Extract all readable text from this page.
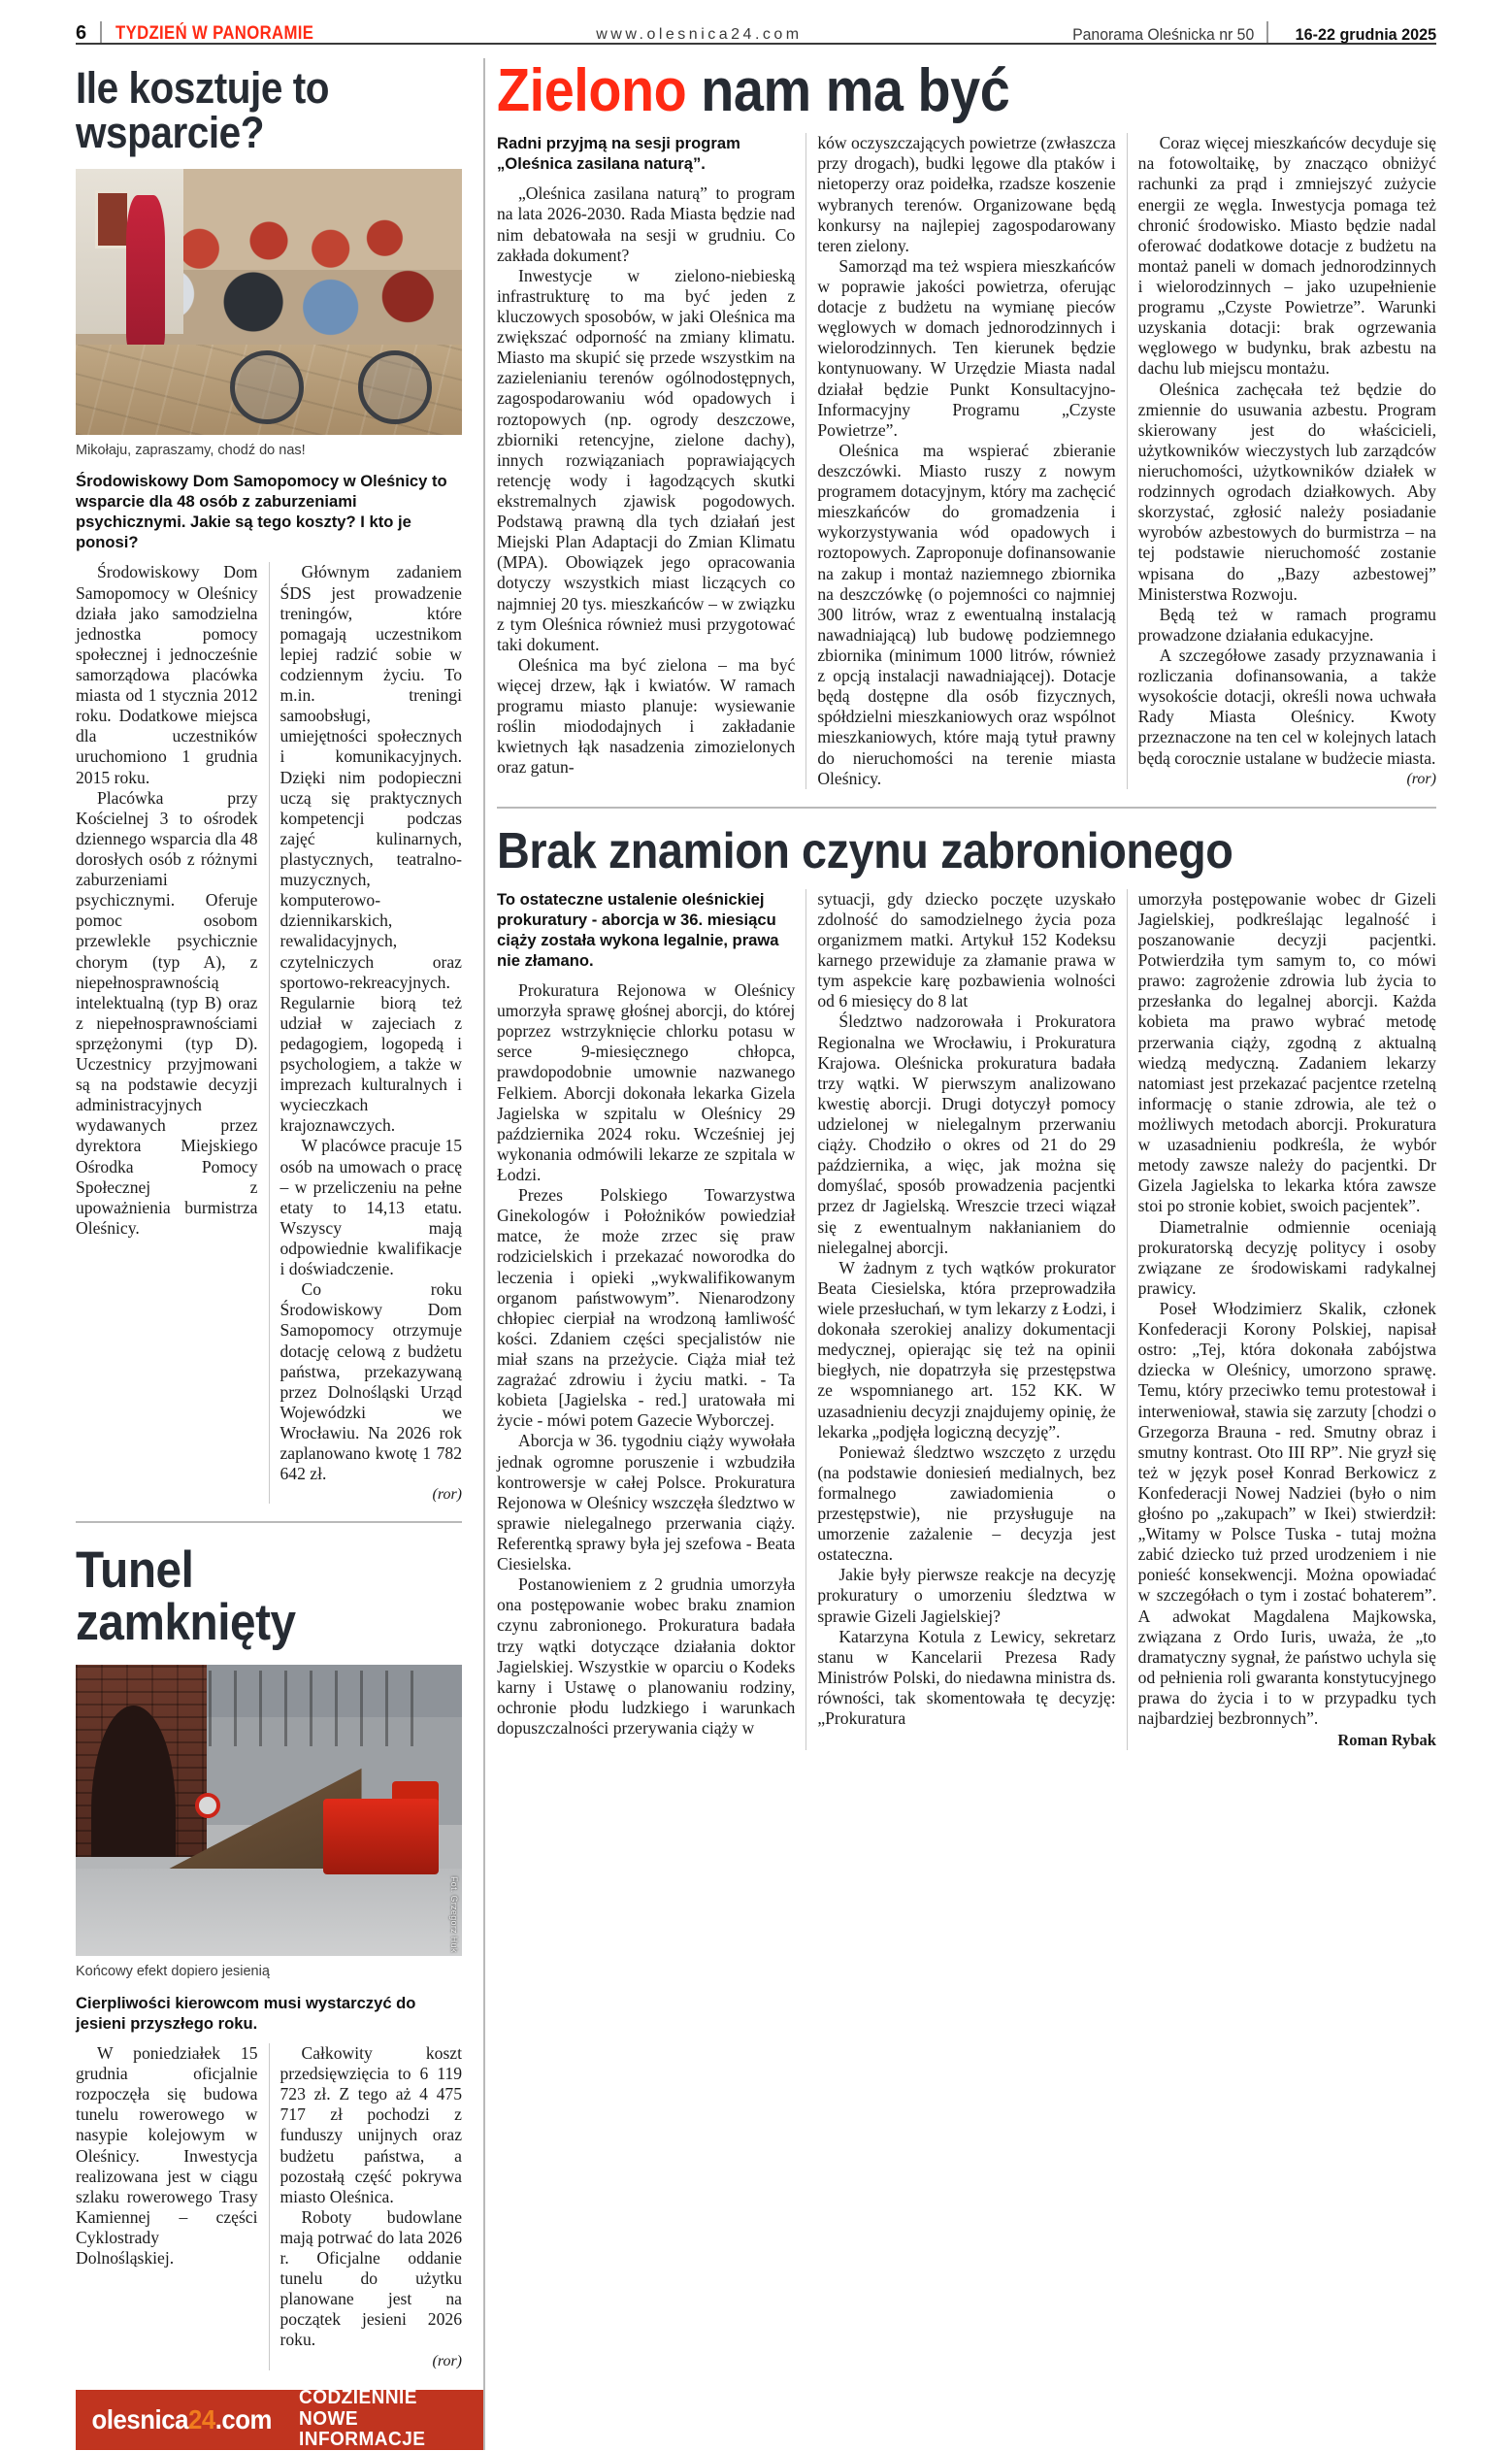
6	TYDZIEŃ W PANORAMIE	www.olesnica24.com	Panorama Oleśnicka nr 50	16-22 grudnia 2025
Ile kosztuje to wsparcie?
Mikołaju, zapraszamy, chodź do nas!

Środowiskowy Dom Samopomocy w Oleśnicy to wsparcie dla 48 osób z zaburzeniami psychicznymi. Jakie są tego koszty? I kto je ponosi?

Środowiskowy Dom Samopomocy w Oleśnicy działa jako samodzielna jednostka pomocy społecznej i jednocześnie samorządowa placówka miasta od 1 stycznia 2012 roku. Dodatkowe miejsca dla uczestników uruchomiono 1 grudnia 2015 roku.

Placówka przy Kościelnej 3 to ośrodek dziennego wsparcia dla 48 dorosłych osób z różnymi zaburzeniami psychicznymi. Oferuje pomoc osobom przewlekle psychicznie chorym (typ A), z niepełnosprawnością intelektualną (typ B) oraz z niepełnosprawnościami sprzężonymi (typ D). Uczestnicy przyjmowani są na podstawie decyzji administracyjnych wydawanych przez dyrektora Miejskiego Ośrodka Pomocy Społecznej z upoważnienia burmistrza Oleśnicy.

Głównym zadaniem ŚDS jest prowadzenie treningów, które pomagają uczestnikom lepiej radzić sobie w codziennym życiu. To m.in. treningi samoobsługi, umiejętności społecznych i komunikacyjnych. Dzięki nim podopieczni uczą się praktycznych kompetencji podczas zajęć kulinarnych, plastycznych, teatralno-muzycznych, komputerowo-dziennikarskich, rewalidacyjnych, czytelniczych oraz sportowo-rekreacyjnych. Regularnie biorą też udział w zajeciach z pedagogiem, logopedą i psychologiem, a także w imprezach kulturalnych i wycieczkach krajoznawczych.

W placówce pracuje 15 osób na umowach o pracę – w przeliczeniu na pełne etaty to 14,13 etatu. Wszyscy mają odpowiednie kwalifikacje i doświadczenie.

Co roku Środowiskowy Dom Samopomocy otrzymuje dotację celową z budżetu państwa, przekazywaną przez Dolnośląski Urząd Wojewódzki we Wrocławiu. Na 2026 rok zaplanowano kwotę 1 782 642 zł.

(ror)
Tunel zamknięty
Fot. Grzegorz Huk
Końcowy efekt dopiero jesienią

Cierpliwości kierowcom musi wystarczyć do jesieni przyszłego roku.

W poniedziałek 15 grudnia oficjalnie rozpoczęła się budowa tunelu rowerowego w nasypie kolejowym w Oleśnicy. Inwestycja realizowana jest w ciągu szlaku rowerowego Trasy Kamiennej – części Cyklostrady Dolnośląskiej.

Całkowity koszt przedsięwzięcia to 6 119 723 zł. Z tego aż 4 475 717 zł pochodzi z funduszy unijnych oraz budżetu państwa, a pozostałą część pokrywa miasto Oleśnica.

Roboty budowlane mają potrwać do lata 2026 r. Oficjalne oddanie tunelu do użytku planowane jest na początek jesieni 2026 roku.

(ror)
olesnica24.com
CODZIENNIE
NOWE INFORMACJE
Zielono nam ma być

Radni przyjmą na sesji program „Oleśnica zasilana naturą”.

„Oleśnica zasilana naturą” to program na lata 2026-2030. Rada Miasta będzie nad nim debatowała na sesji w grudniu. Co zakłada dokument?

Inwestycje w zielono-niebieską infrastrukturę to ma być jeden z kluczowych sposobów, w jaki Oleśnica ma zwiększać odporność na zmiany klimatu. Miasto ma skupić się przede wszystkim na zazielenianiu terenów ogólnodostępnych, zagospodarowaniu wód opadowych i roztopowych (np. ogrody deszczowe, zbiorniki retencyjne, zielone dachy), innych rozwiązaniach poprawiających retencję wody i łagodzących skutki ekstremalnych zjawisk pogodowych. Podstawą prawną dla tych działań jest Miejski Plan Adaptacji do Zmian Klimatu (MPA). Obowiązek jego opracowania dotyczy wszystkich miast liczących co najmniej 20 tys. mieszkańców – w związku z tym Oleśnica również musi przygotować taki dokument.

Oleśnica ma być zielona – ma być więcej drzew, łąk i kwiatów. W ramach programu miasto planuje: wysiewanie roślin miododajnych i zakładanie kwietnych łąk nasadzenia zimozielonych oraz gatun-

ków oczyszczających powietrze (zwłaszcza przy drogach), budki lęgowe dla ptaków i nietoperzy oraz poidełka, rzadsze koszenie wybranych terenów. Organizowane będą konkursy na najlepiej zagospodarowany teren zielony.

Samorząd ma też wspiera mieszkańców w poprawie jakości powietrza, oferując dotacje z budżetu na wymianę pieców węglowych w domach jednorodzinnych i wielorodzinnych. Ten kierunek będzie kontynuowany. W Urzędzie Miasta nadal działał będzie Punkt Konsultacyjno-Informacyjny Programu „Czyste Powietrze”.

Oleśnica ma wspierać zbieranie deszczówki. Miasto ruszy z nowym programem dotacyjnym, który ma zachęcić mieszkańców do gromadzenia i wykorzystywania wód opadowych i roztopowych. Zaproponuje dofinansowanie na zakup i montaż naziemnego zbiornika na deszczówkę (o pojemności co najmniej 300 litrów, wraz z ewentualną instalacją nawadniającą) lub budowę podziemnego zbiornika (minimum 1000 litrów, również z opcją instalacji nawadniającej). Dotacje będą dostępne dla osób fizycznych, spółdzielni mieszkaniowych oraz wspólnot mieszkaniowych, które mają tytuł prawny do nieruchomości na terenie miasta Oleśnicy.

Coraz więcej mieszkańców decyduje się na fotowoltaikę, by znacząco obniżyć rachunki za prąd i zmniejszyć zużycie energii ze węgla. Inwestycja pomaga też chronić środowisko. Miasto będzie nadal oferować dodatkowe dotacje z budżetu na montaż paneli w domach jednorodzinnych i wielorodzinnych – jako uzupełnienie programu „Czyste Powietrze”. Warunki uzyskania dotacji: brak ogrzewania węglowego w budynku, brak azbestu na dachu lub miejscu montażu.

Oleśnica zachęcała też będzie do zmiennie do usuwania azbestu. Program skierowany jest do właścicieli, użytkowników wieczystych lub zarządców nieruchomości, użytkowników działek w rodzinnych ogrodach działkowych. Aby skorzystać, zgłosić należy posiadanie wyrobów azbestowych do burmistrza – na tej podstawie nieruchomość zostanie wpisana do „Bazy azbestowej” Ministerstwa Rozwoju.

Będą też w ramach programu prowadzone działania edukacyjne.

A szczegółowe zasady przyznawania i rozliczania dofinansowania, a także wysokoście dotacji, określi nowa uchwała Rady Miasta Oleśnicy. Kwoty przeznaczone na ten cel w kolejnych latach będą corocznie ustalane w budżecie miasta.

(ror)
Brak znamion czynu zabronionego

To ostateczne ustalenie oleśnickiej prokuratury - aborcja w 36. miesiącu ciąży została wykona legalnie, prawa nie złamano.

Prokuratura Rejonowa w Oleśnicy umorzyła sprawę głośnej aborcji, do której poprzez wstrzyknięcie chlorku potasu w serce 9-miesięcznego chłopca, prawdopodobnie umownie nazwanego Felkiem. Aborcji dokonała lekarka Gizela Jagielska w szpitalu w Oleśnicy 29 października 2024 roku. Wcześniej jej wykonania odmówili lekarze ze szpitala w Łodzi.

Prezes Polskiego Towarzystwa Ginekologów i Położników powiedział matce, że może zrzec się praw rodzicielskich i przekazać noworodka do leczenia i opieki „wykwalifikowanym organom państwowym”. Nienarodzony chłopiec cierpiał na wrodzoną łamliwość kości. Zdaniem części specjalistów nie miał szans na przeżycie. Ciąża miał też zagrażać zdrowiu i życiu matki. - Ta kobieta [Jagielska - red.] uratowała mi życie - mówi potem Gazecie Wyborczej.

Aborcja w 36. tygodniu ciąży wywołała jednak ogromne poruszenie i wzbudziła kontrowersje w całej Polsce. Prokuratura Rejonowa w Oleśnicy wszczęła śledztwo w sprawie nielegalnego przerwania ciąży. Referentką sprawy była jej szefowa - Beata Ciesielska.

Postanowieniem z 2 grudnia umorzyła ona postępowanie wobec braku znamion czynu zabronionego. Prokuratura badała trzy wątki dotyczące działania doktor Jagielskiej. Wszystkie w oparciu o Kodeks karny i Ustawę o planowaniu rodziny, ochronie płodu ludzkiego i warunkach dopuszczalności przerywania ciąży w

sytuacji, gdy dziecko poczęte uzyskało zdolność do samodzielnego życia poza organizmem matki. Artykuł 152 Kodeksu karnego przewiduje za złamanie prawa w tym aspekcie karę pozbawienia wolności od 6 miesięcy do 8 lat

Śledztwo nadzorowała i Prokuratora Regionalna we Wrocławiu, i Prokuratura Krajowa. Oleśnicka prokuratura badała trzy wątki. W pierwszym analizowano kwestię aborcji. Drugi dotyczył pomocy udzielonej w nielegalnym przerwaniu ciąży. Chodziło o okres od 21 do 29 października, a więc, jak można się domyślać, sposób prowadzenia pacjentki przez dr Jagielską. Wreszcie trzeci wiązał się z ewentualnym nakłanianiem do nielegalnej aborcji.

W żadnym z tych wątków prokurator Beata Ciesielska, która przeprowadziła wiele przesłuchań, w tym lekarzy z Łodzi, i dokonała szerokiej analizy dokumentacji medycznej, opierając się też na opinii biegłych, nie dopatrzyła się przestępstwa ze wspomnianego art. 152 KK. W uzasadnieniu decyzji znajdujemy opinię, że lekarka „podjęła logiczną decyzję”.

Ponieważ śledztwo wszczęto z urzędu (na podstawie doniesień medialnych, bez formalnego zawiadomienia o przestępstwie), nie przysługuje na umorzenie zażalenie – decyzja jest ostateczna.

Jakie były pierwsze reakcje na decyzję prokuratury o umorzeniu śledztwa w sprawie Gizeli Jagielskiej?

Katarzyna Kotula z Lewicy, sekretarz stanu w Kancelarii Prezesa Rady Ministrów Polski, do niedawna ministra ds. równości, tak skomentowała tę decyzję: „Prokuratura

umorzyła postępowanie wobec dr Gizeli Jagielskiej, podkreślając legalność i poszanowanie decyzji pacjentki. Potwierdziła tym samym to, co mówi prawo: zagrożenie zdrowia lub życia to przesłanka do legalnej aborcji. Każda kobieta ma prawo wybrać metodę przerwania ciąży, zgodną z aktualną wiedzą medyczną. Zadaniem lekarzy natomiast jest przekazać pacjentce rzetelną informację o stanie zdrowia, ale też o możliwych metodach aborcji. Prokuratura w uzasadnieniu podkreśla, że wybór metody zawsze należy do pacjentki. Dr Gizela Jagielska to lekarka która zawsze stoi po stronie kobiet, swoich pacjentek”.

Diametralnie odmiennie oceniają prokuratorską decyzję politycy i osoby związane ze środowiskami radykalnej prawicy.

Poseł Włodzimierz Skalik, członek Konfederacji Korony Polskiej, napisał ostro: „Tej, która dokonała zabójstwa dziecka w Oleśnicy, umorzono sprawę. Temu, który przeciwko temu protestował i interweniował, stawia się zarzuty [chodzi o Grzegorza Brauna - red. Smutny obraz i smutny kontrast. Oto III RP”. Nie gryzł się też w język poseł Konrad Berkowicz z Konfederacji Nowej Nadziei (było o nim głośno po „zakupach” w Ikei) stwierdził: „Witamy w Polsce Tuska - tutaj można zabić dziecko tuż przed urodzeniem i nie ponieść konsekwencji. Można opowiadać w szczegółach o tym i zostać bohaterem”. A adwokat Magdalena Majkowska, związana z Ordo Iuris, uważa, że „to dramatyczny sygnał, że państwo uchyla się od pełnienia roli gwaranta konstytucyjnego prawa do życia i to w przypadku tych najbardziej bezbronnych”.

Roman Rybak
